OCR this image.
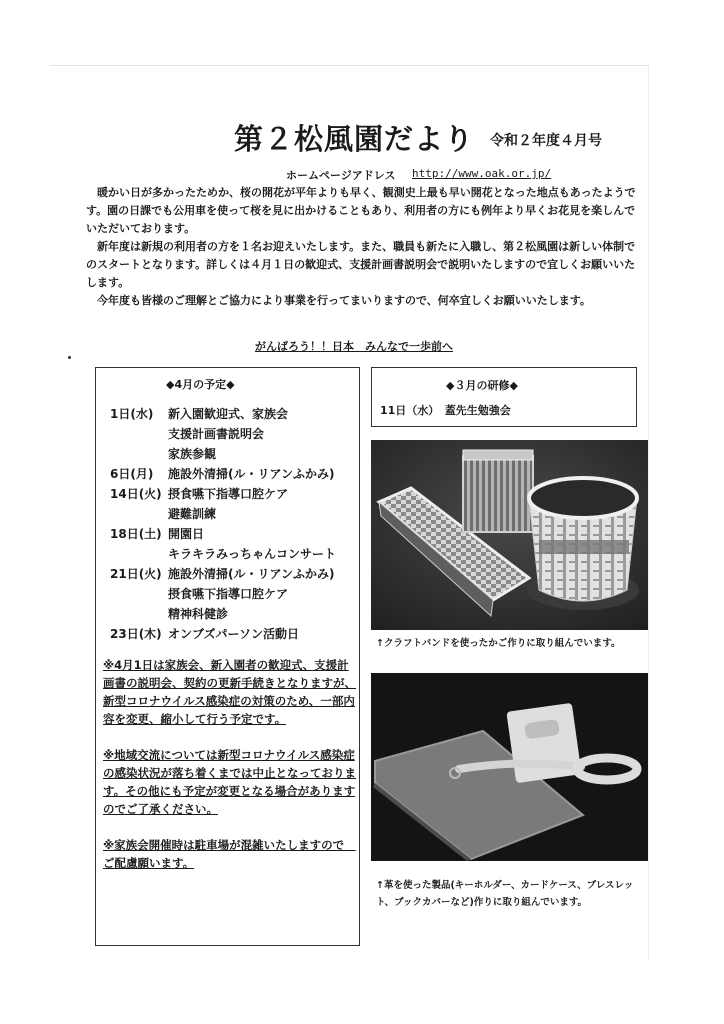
第２松風園だより 令和２年度４月号
ホームページアドレス http://www.oak.or.jp/

　暖かい日が多かったためか、桜の開花が平年よりも早く、観測史上最も早い開花となった地点もあったようです。園の日課でも公用車を使って桜を見に出かけることもあり、利用者の方にも例年より早くお花見を楽しんでいただいております。

　新年度は新規の利用者の方を１名お迎えいたします。また、職員も新たに入職し、第２松風園は新しい体制でのスタートとなります。詳しくは４月１日の歓迎式、支援計画書説明会で説明いたしますので宜しくお願いいたします。

　今年度も皆様のご理解とご協力により事業を行ってまいりますので、何卒宜しくお願いいたします。

がんばろう！！日本　みんなで一歩前へ
◆4月の予定◆
1日(水) 新入園歓迎式、家族会
支援計画書説明会
家族参観
6日(月) 施設外清掃(ル・リアンふかみ)
14日(火) 摂食嚥下指導口腔ケア
避難訓練
18日(土) 開園日
キラキラみっちゃんコンサート
21日(火) 施設外清掃(ル・リアンふかみ)
摂食嚥下指導口腔ケア
精神科健診
23日(木) オンブズパーソン活動日

※4月1日は家族会、新入園者の歓迎式、支援計画書の説明会、契約の更新手続きとなりますが、新型コロナウイルス感染症の対策のため、一部内容を変更、縮小して行う予定です。

※地域交流については新型コロナウイルス感染症の感染状況が落ち着くまでは中止となっております。その他にも予定が変更となる場合がありますのでご了承ください。

※家族会開催時は駐車場が混雑いたしますので　ご配慮願います。

◆３月の研修◆
11日（水）　蓋先生勉強会
↑クラフトバンドを使ったかご作りに取り組んでいます。
↑革を使った製品(キーホルダー、カードケース、ブレスレット、ブックカバーなど)作りに取り組んでいます。
